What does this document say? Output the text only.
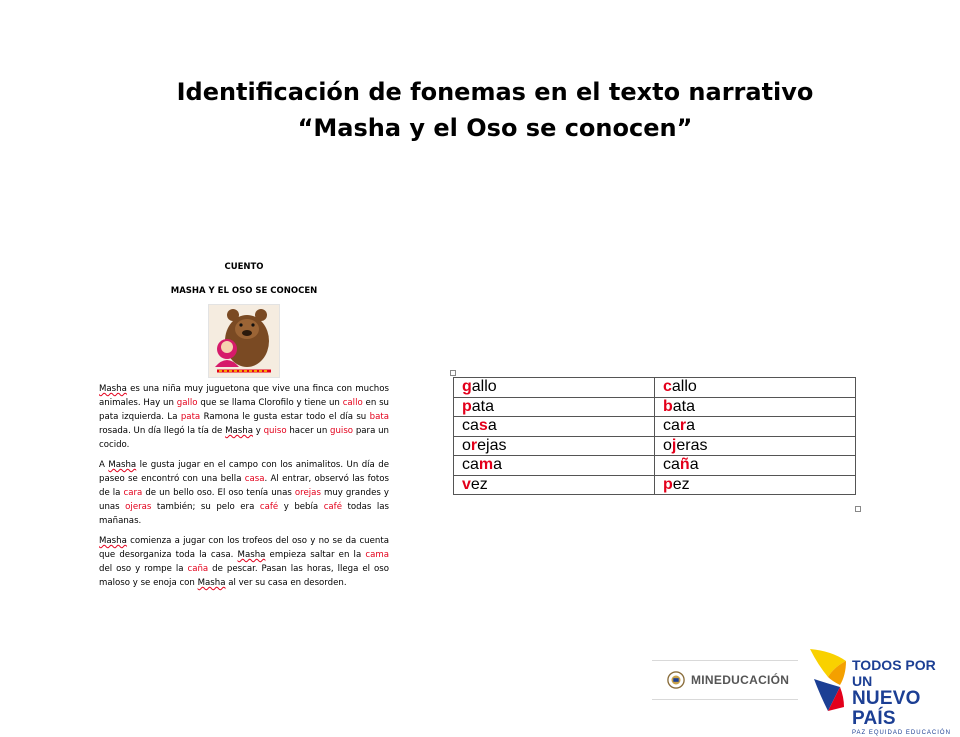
Identificación de fonemas en el texto narrativo
“Masha y el Oso se conocen”
CUENTO
MASHA Y EL OSO SE CONOCEN

Masha es una niña muy juguetona que vive una finca con muchos animales. Hay un gallo que se llama Clorofilo y tiene un callo en su pata izquierda. La pata Ramona le gusta estar todo el día su bata rosada. Un día llegó la tía de Masha y quiso hacer un guiso para un cocido.

A Masha le gusta jugar en el campo con los animalitos. Un día de paseo se encontró con una bella casa. Al entrar, observó las fotos de la cara de un bello oso. El oso tenía unas orejas muy grandes y unas ojeras también; su pelo era café y bebía café todas las mañanas.

Masha comienza a jugar con los trofeos del oso y no se da cuenta que desorganiza toda la casa. Masha empieza saltar en la cama del oso y rompe la caña de pescar. Pasan las horas, llega el oso maloso y se enoja con Masha al ver su casa en desorden.

gallo	callo
pata	bata
casa	cara
orejas	ojeras
cama	caña
vez	pez
MINEDUCACIÓN
TODOS POR UN
NUEVO PAÍS
PAZ EQUIDAD EDUCACIÓN
